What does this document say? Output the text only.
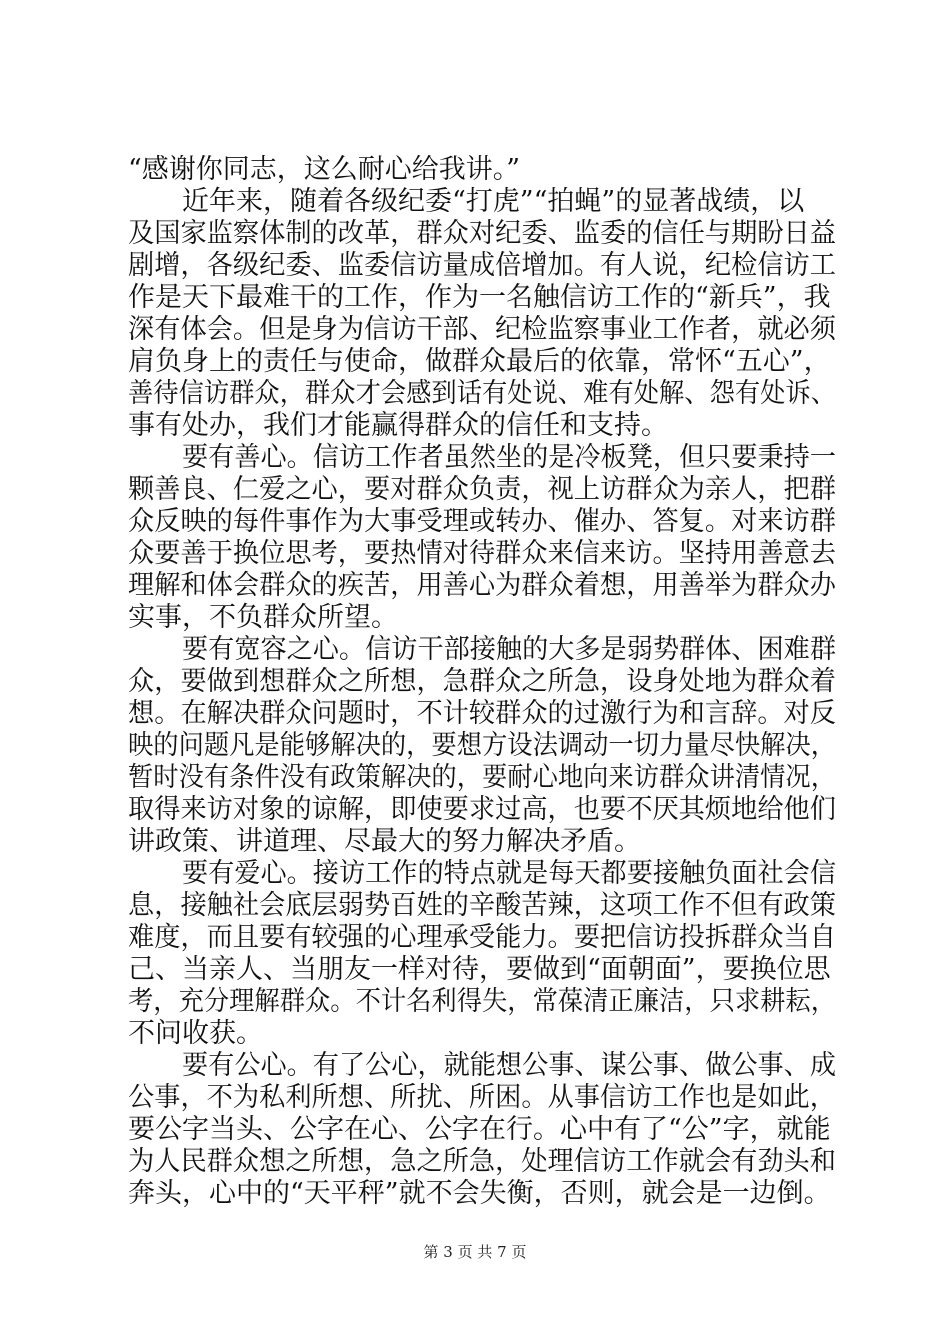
“感谢你同志，这么耐心给我讲。”
近年来，随着各级纪委“打虎”“拍蝇”的显著战绩，以
及国家监察体制的改革，群众对纪委、监委的信任与期盼日益
剧增，各级纪委、监委信访量成倍增加。有人说，纪检信访工
作是天下最难干的工作，作为一名触信访工作的“新兵”，我
深有体会。但是身为信访干部、纪检监察事业工作者，就必须
肩负身上的责任与使命，做群众最后的依靠，常怀“五心”，
善待信访群众，群众才会感到话有处说、难有处解、怨有处诉、
事有处办，我们才能赢得群众的信任和支持。
要有善心。信访工作者虽然坐的是冷板凳，但只要秉持一
颗善良、仁爱之心，要对群众负责，视上访群众为亲人，把群
众反映的每件事作为大事受理或转办、催办、答复。对来访群
众要善于换位思考，要热情对待群众来信来访。坚持用善意去
理解和体会群众的疾苦，用善心为群众着想，用善举为群众办
实事，不负群众所望。
要有宽容之心。信访干部接触的大多是弱势群体、困难群
众，要做到想群众之所想，急群众之所急，设身处地为群众着
想。在解决群众问题时，不计较群众的过激行为和言辞。对反
映的问题凡是能够解决的，要想方设法调动一切力量尽快解决，
暂时没有条件没有政策解决的，要耐心地向来访群众讲清情况，
取得来访对象的谅解，即使要求过高，也要不厌其烦地给他们
讲政策、讲道理、尽最大的努力解决矛盾。
要有爱心。接访工作的特点就是每天都要接触负面社会信
息，接触社会底层弱势百姓的辛酸苦辣，这项工作不但有政策
难度，而且要有较强的心理承受能力。要把信访投拆群众当自
己、当亲人、当朋友一样对待，要做到“面朝面”，要换位思
考，充分理解群众。不计名利得失，常葆清正廉洁，只求耕耘，
不问收获。
要有公心。有了公心，就能想公事、谋公事、做公事、成
公事，不为私利所想、所扰、所困。从事信访工作也是如此，
要公字当头、公字在心、公字在行。心中有了“公”字，就能
为人民群众想之所想，急之所急，处理信访工作就会有劲头和
奔头，心中的“天平秤”就不会失衡，否则，就会是一边倒。
第 3 页 共 7 页
